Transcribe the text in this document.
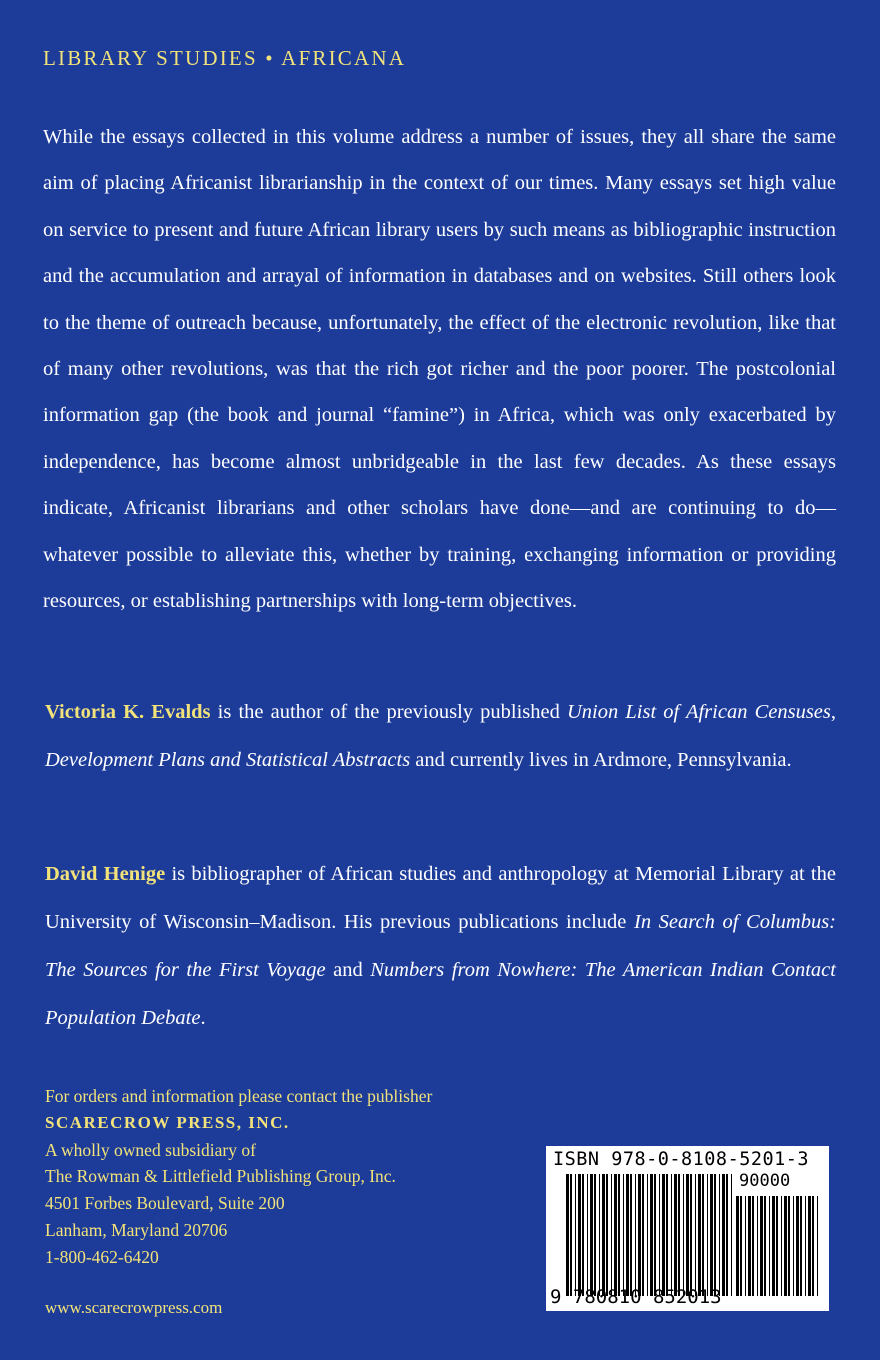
LIBRARY STUDIES • AFRICANA

While the essays collected in this volume address a number of issues, they all share the same aim of placing Africanist librarianship in the context of our times. Many essays set high value on service to present and future African library users by such means as bibliographic instruction and the accumulation and arrayal of information in databases and on websites. Still others look to the theme of outreach because, unfortunately, the effect of the electronic revolution, like that of many other revolutions, was that the rich got richer and the poor poorer. The postcolonial information gap (the book and journal “famine”) in Africa, which was only exacerbated by independence, has become almost unbridgeable in the last few decades. As these essays indicate, Africanist librarians and other scholars have done—and are continuing to do—whatever possible to alleviate this, whether by training, exchanging information or providing resources, or establishing partnerships with long-term objectives.

Victoria K. Evalds is the author of the previously published Union List of African Censuses, Development Plans and Statistical Abstracts and currently lives in Ardmore, Pennsylvania.

David Henige is bibliographer of African studies and anthropology at Memorial Library at the University of Wisconsin–Madison. His previous publications include In Search of Columbus: The Sources for the First Voyage and Numbers from Nowhere: The American Indian Contact Population Debate.

For orders and information please contact the publisher
SCARECROW PRESS, INC.
A wholly owned subsidiary of
The Rowman & Littlefield Publishing Group, Inc.
4501 Forbes Boulevard, Suite 200
Lanham, Maryland 20706
1-800-462-6420
www.scarecrowpress.com
ISBN 978-0-8108-5201-3
90000
9 780810 852013
